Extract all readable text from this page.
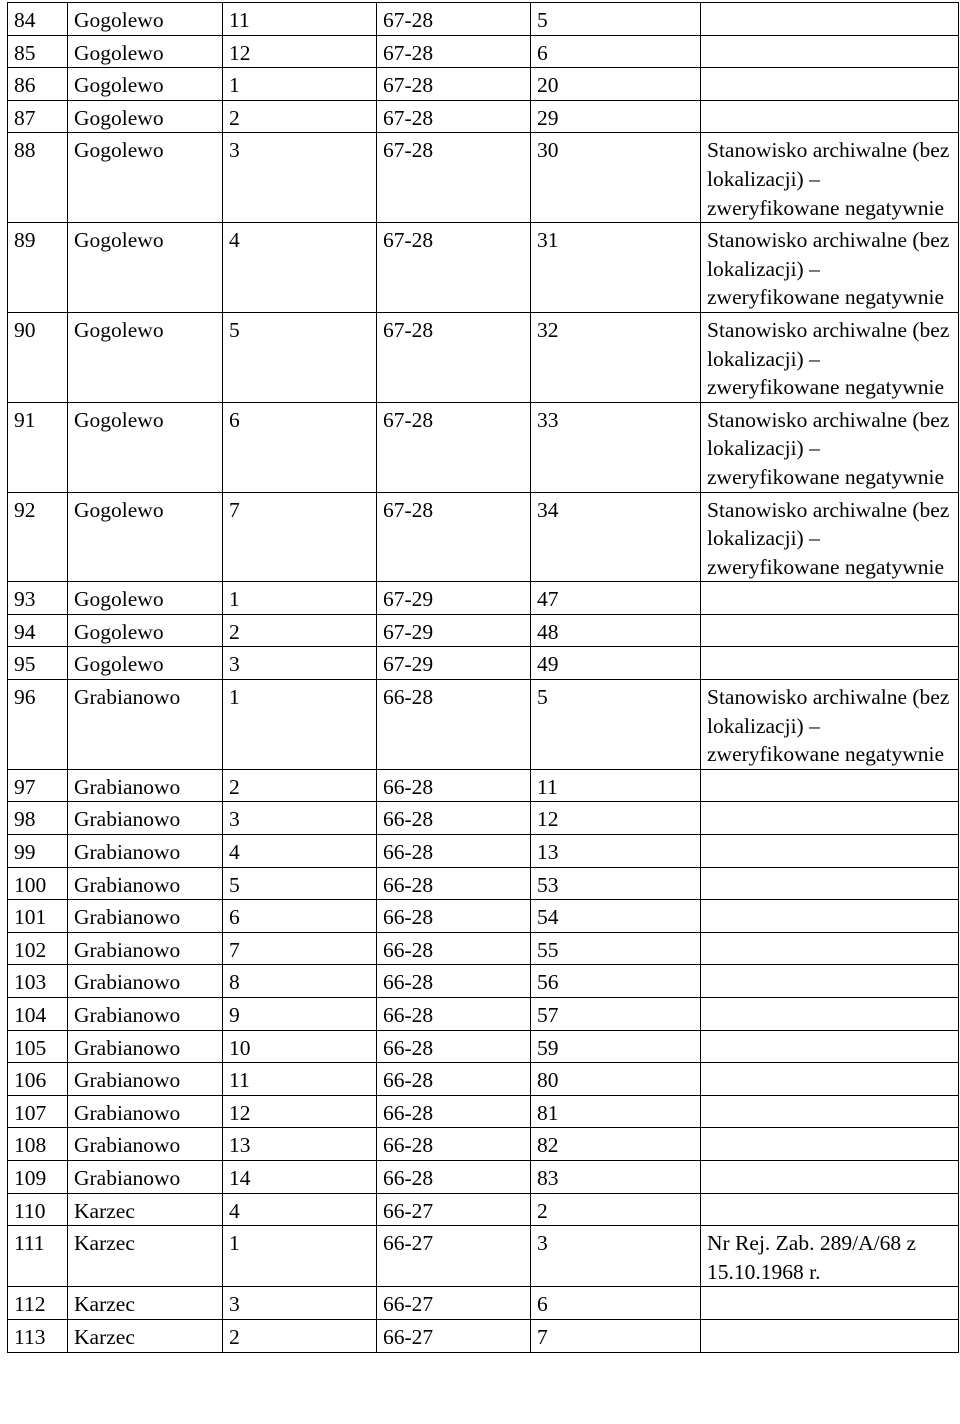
84	Gogolewo	11	67-28	5	
85	Gogolewo	12	67-28	6	
86	Gogolewo	1	67-28	20	
87	Gogolewo	2	67-28	29	
88	Gogolewo	3	67-28	30	Stanowisko archiwalne (bez lokalizacji) – zweryfikowane negatywnie
89	Gogolewo	4	67-28	31	Stanowisko archiwalne (bez lokalizacji) – zweryfikowane negatywnie
90	Gogolewo	5	67-28	32	Stanowisko archiwalne (bez lokalizacji) – zweryfikowane negatywnie
91	Gogolewo	6	67-28	33	Stanowisko archiwalne (bez lokalizacji) – zweryfikowane negatywnie
92	Gogolewo	7	67-28	34	Stanowisko archiwalne (bez lokalizacji) – zweryfikowane negatywnie
93	Gogolewo	1	67-29	47	
94	Gogolewo	2	67-29	48	
95	Gogolewo	3	67-29	49	
96	Grabianowo	1	66-28	5	Stanowisko archiwalne (bez lokalizacji) – zweryfikowane negatywnie
97	Grabianowo	2	66-28	11	
98	Grabianowo	3	66-28	12	
99	Grabianowo	4	66-28	13	
100	Grabianowo	5	66-28	53	
101	Grabianowo	6	66-28	54	
102	Grabianowo	7	66-28	55	
103	Grabianowo	8	66-28	56	
104	Grabianowo	9	66-28	57	
105	Grabianowo	10	66-28	59	
106	Grabianowo	11	66-28	80	
107	Grabianowo	12	66-28	81	
108	Grabianowo	13	66-28	82	
109	Grabianowo	14	66-28	83	
110	Karzec	4	66-27	2	
111	Karzec	1	66-27	3	Nr Rej. Zab. 289/A/68 z 15.10.1968 r.
112	Karzec	3	66-27	6	
113	Karzec	2	66-27	7	
